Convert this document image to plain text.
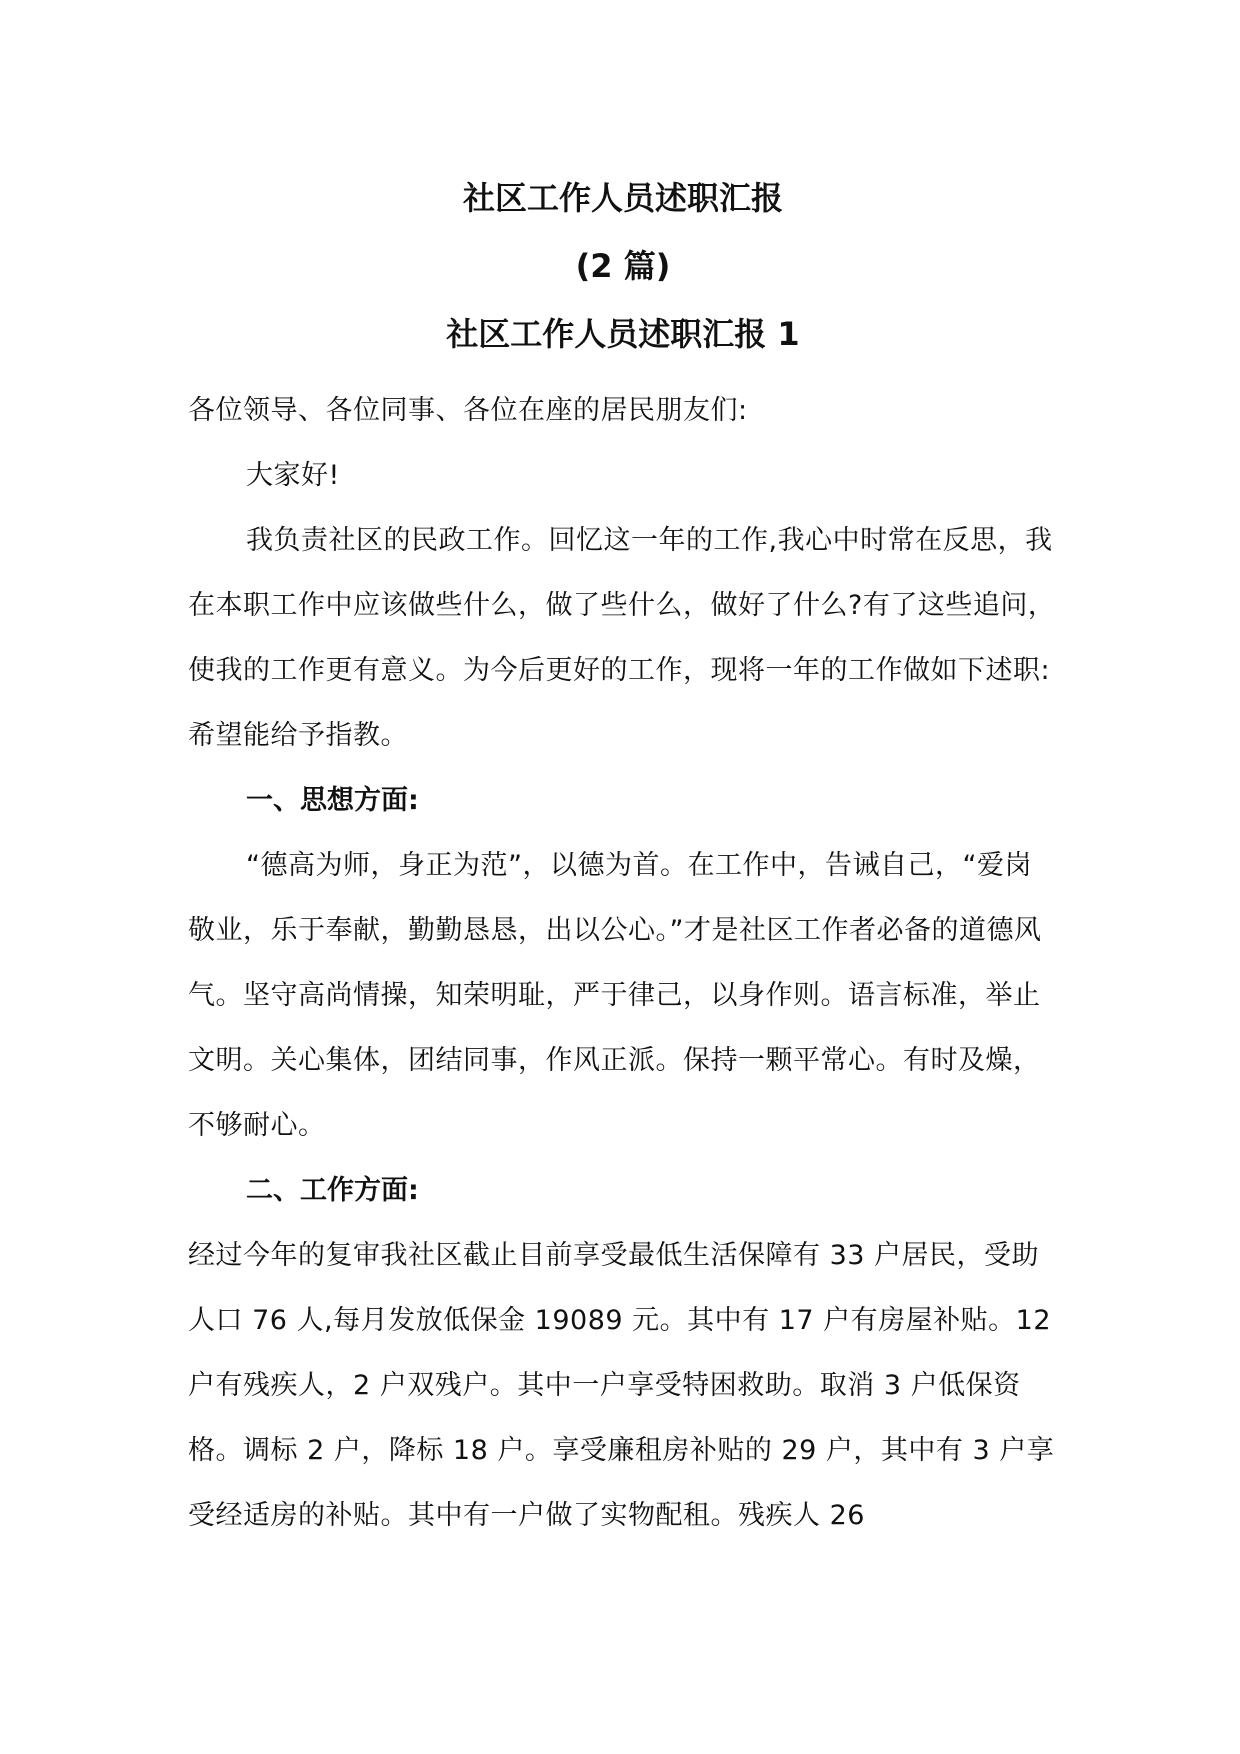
社区工作人员述职汇报
(2 篇)
社区工作人员述职汇报 1

各位领导、各位同事、各位在座的居民朋友们:

大家好!

我负责社区的民政工作。回忆这一年的工作,我心中时常在反思，我在本职工作中应该做些什么，做了些什么，做好了什么?有了这些追问，使我的工作更有意义。为今后更好的工作，现将一年的工作做如下述职:希望能给予指教。

一、思想方面:

“德高为师，身正为范”，以德为首。在工作中，告诫自己，“爱岗敬业，乐于奉献，勤勤恳恳，出以公心。”才是社区工作者必备的道德风气。坚守高尚情操，知荣明耻，严于律己，以身作则。语言标准，举止文明。关心集体，团结同事，作风正派。保持一颗平常心。有时及燥，不够耐心。

二、工作方面:

经过今年的复审我社区截止目前享受最低生活保障有 33 户居民，受助人口 76 人,每月发放低保金 19089 元。其中有 17 户有房屋补贴。12 户有残疾人，2 户双残户。其中一户享受特困救助。取消 3 户低保资格。调标 2 户，降标 18 户。享受廉租房补贴的 29 户，其中有 3 户享受经适房的补贴。其中有一户做了实物配租。残疾人 26
